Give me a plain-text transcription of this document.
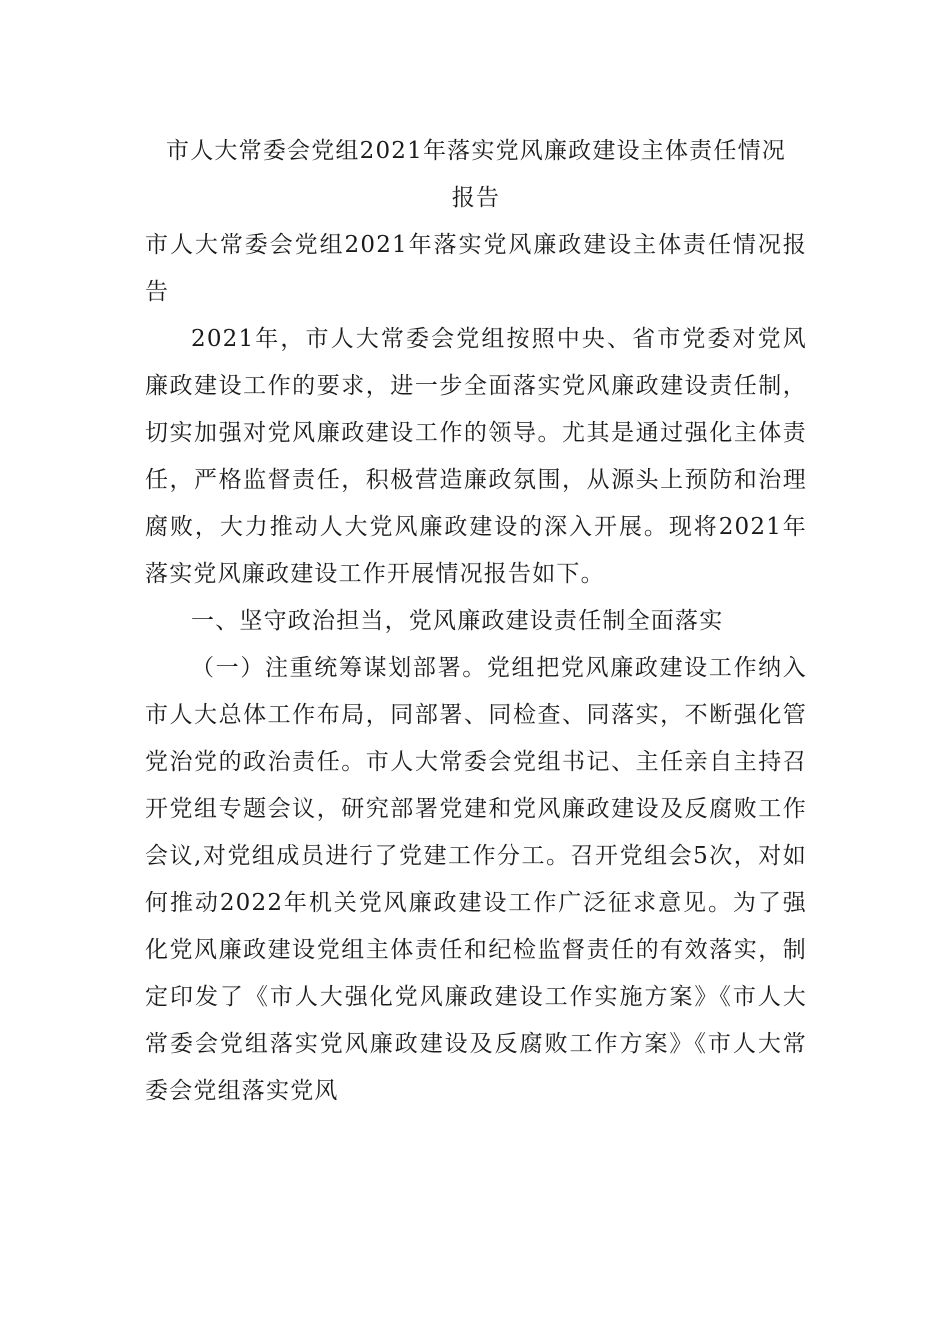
市人大常委会党组2021年落实党风廉政建设主体责任情况
报告

市人大常委会党组2021年落实党风廉政建设主体责任情况报告

2021年，市人大常委会党组按照中央、省市党委对党风廉政建设工作的要求，进一步全面落实党风廉政建设责任制，切实加强对党风廉政建设工作的领导。尤其是通过强化主体责任，严格监督责任，积极营造廉政氛围，从源头上预防和治理腐败，大力推动人大党风廉政建设的深入开展。现将2021年落实党风廉政建设工作开展情况报告如下。

一、坚守政治担当，党风廉政建设责任制全面落实

（一）注重统筹谋划部署。党组把党风廉政建设工作纳入市人大总体工作布局，同部署、同检查、同落实，不断强化管党治党的政治责任。市人大常委会党组书记、主任亲自主持召开党组专题会议，研究部署党建和党风廉政建设及反腐败工作会议,对党组成员进行了党建工作分工。召开党组会5次，对如何推动2022年机关党风廉政建设工作广泛征求意见。为了强化党风廉政建设党组主体责任和纪检监督责任的有效落实，制定印发了《市人大强化党风廉政建设工作实施方案》《市人大常委会党组落实党风廉政建设及反腐败工作方案》《市人大常委会党组落实党风
